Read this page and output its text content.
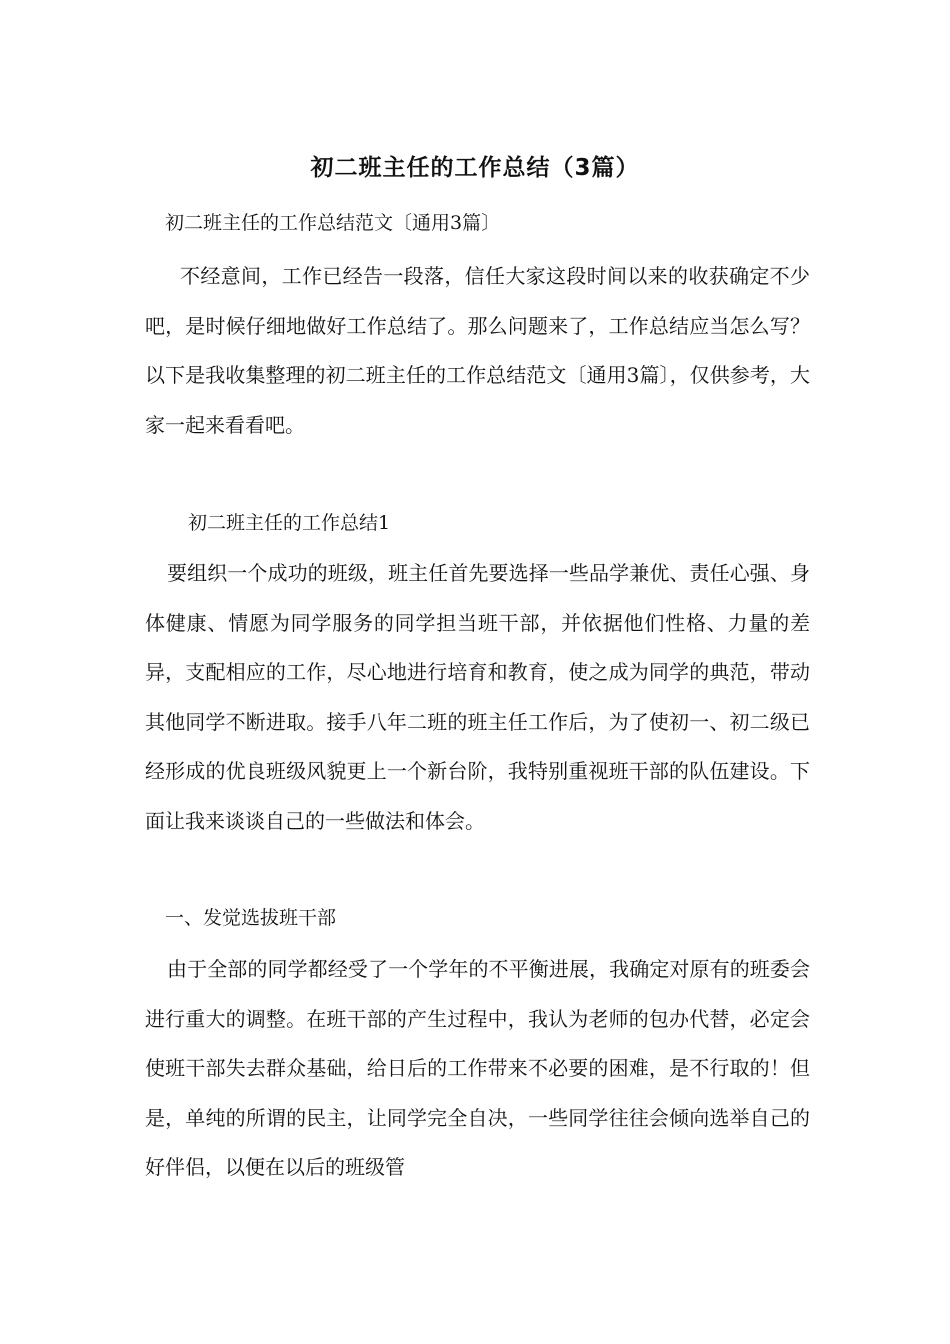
初二班主任的工作总结（3篇）
初二班主任的工作总结范文〔通用3篇〕

不经意间，工作已经告一段落，信任大家这段时间以来的收获确定不少吧，是时候仔细地做好工作总结了。那么问题来了，工作总结应当怎么写？以下是我收集整理的初二班主任的工作总结范文〔通用3篇〕，仅供参考，大家一起来看看吧。

初二班主任的工作总结1

要组织一个成功的班级，班主任首先要选择一些品学兼优、责任心强、身体健康、情愿为同学服务的同学担当班干部，并依据他们性格、力量的差异，支配相应的工作，尽心地进行培育和教育，使之成为同学的典范，带动其他同学不断进取。接手八年二班的班主任工作后，为了使初一、初二级已经形成的优良班级风貌更上一个新台阶，我特别重视班干部的队伍建设。下面让我来谈谈自己的一些做法和体会。

一、发觉选拔班干部

由于全部的同学都经受了一个学年的不平衡进展，我确定对原有的班委会进行重大的调整。在班干部的产生过程中，我认为老师的包办代替，必定会使班干部失去群众基础，给日后的工作带来不必要的困难，是不行取的！但是，单纯的所谓的民主，让同学完全自决，一些同学往往会倾向选举自己的好伴侣，以便在以后的班级管
